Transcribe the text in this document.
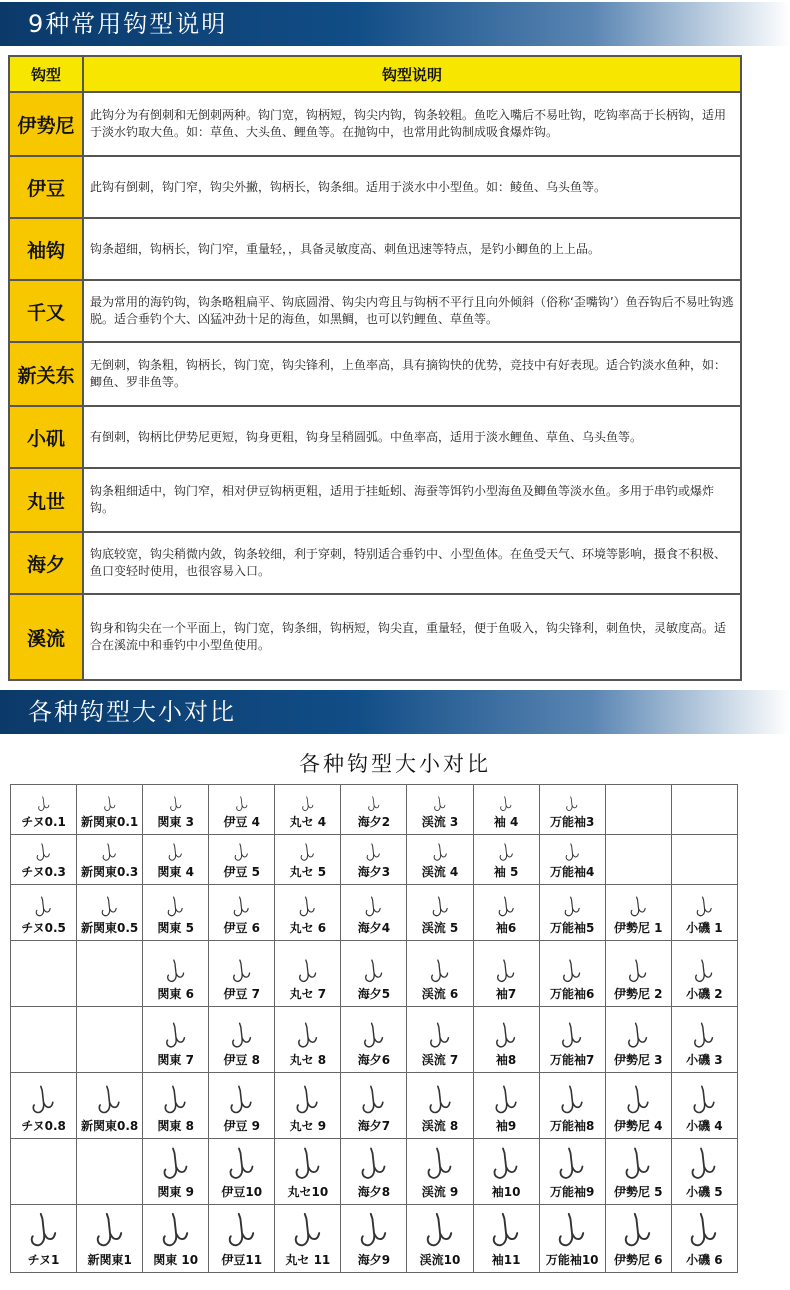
9种常用钩型说明
钩型	钩型说明
伊势尼	此钩分为有倒刺和无倒刺两种。钩门宽，钩柄短，钩尖内钩，钩条较粗。鱼吃入嘴后不易吐钩，吃钩率高于长柄钩，适用于淡水钓取大鱼。如：草鱼、大头鱼、鲤鱼等。在抛钩中，也常用此钩制成吸食爆炸钩。
伊豆	此钩有倒刺，钩门窄，钩尖外撇，钩柄长，钩条细。适用于淡水中小型鱼。如：鲮鱼、乌头鱼等。
袖钩	钩条超细，钩柄长，钩门窄，重量轻，，具备灵敏度高、刺鱼迅速等特点，是钓小鲫鱼的上上品。
千又	最为常用的海钓钩，钩条略粗扁平、钩底圆滑、钩尖内弯且与钩柄不平行且向外倾斜（俗称‘歪嘴钩’）鱼吞钩后不易吐钩逃脱。适合垂钓个大、凶猛冲劲十足的海鱼，如黑鲷，也可以钓鲤鱼、草鱼等。
新关东	无倒刺，钩条粗，钩柄长，钩门宽，钩尖锋利，上鱼率高，具有摘钩快的优势，竞技中有好表现。适合钓淡水鱼种，如：鲫鱼、罗非鱼等。
小矶	有倒刺，钩柄比伊势尼更短，钩身更粗，钩身呈稍圆弧。中鱼率高，适用于淡水鲤鱼、草鱼、乌头鱼等。
丸世	钩条粗细适中，钩门窄，相对伊豆钩柄更粗，适用于挂蚯蚓、海蚕等饵钓小型海鱼及鲫鱼等淡水鱼。多用于串钓或爆炸钩。
海夕	钩底较宽，钩尖稍微内敛，钩条较细，利于穿刺，特别适合垂钓中、小型鱼体。在鱼受天气、环境等影响，摄食不积极、鱼口变轻时使用，也很容易入口。
溪流	钩身和钩尖在一个平面上，钩门宽，钩条细，钩柄短，钩尖直，重量轻，便于鱼吸入，钩尖锋利，刺鱼快，灵敏度高。适合在溪流中和垂钓中小型鱼使用。
各种钩型大小对比
各种钩型大小对比
チヌ0.1	新関東0.1	関東 3	伊豆 4	丸セ 4	海夕2	渓流 3	袖 4	万能袖3		

チヌ0.3	新関東0.3	関東 4	伊豆 5	丸セ 5	海夕3	渓流 4	袖 5	万能袖4		

チヌ0.5	新関東0.5	関東 5	伊豆 6	丸セ 6	海夕4	渓流 5	袖6	万能袖5	伊勢尼 1	小磯 1

		関東 6	伊豆 7	丸セ 7	海夕5	渓流 6	袖7	万能袖6	伊勢尼 2	小磯 2

		関東 7	伊豆 8	丸セ 8	海夕6	渓流 7	袖8	万能袖7	伊勢尼 3	小磯 3

チヌ0.8	新関東0.8	関東 8	伊豆 9	丸セ 9	海夕7	渓流 8	袖9	万能袖8	伊勢尼 4	小磯 4

		関東 9	伊豆10	丸セ10	海夕8	渓流 9	袖10	万能袖9	伊勢尼 5	小磯 5

チヌ1	新関東1	関東 10	伊豆11	丸セ 11	海夕9	渓流10	袖11	万能袖10	伊勢尼 6	小磯 6
